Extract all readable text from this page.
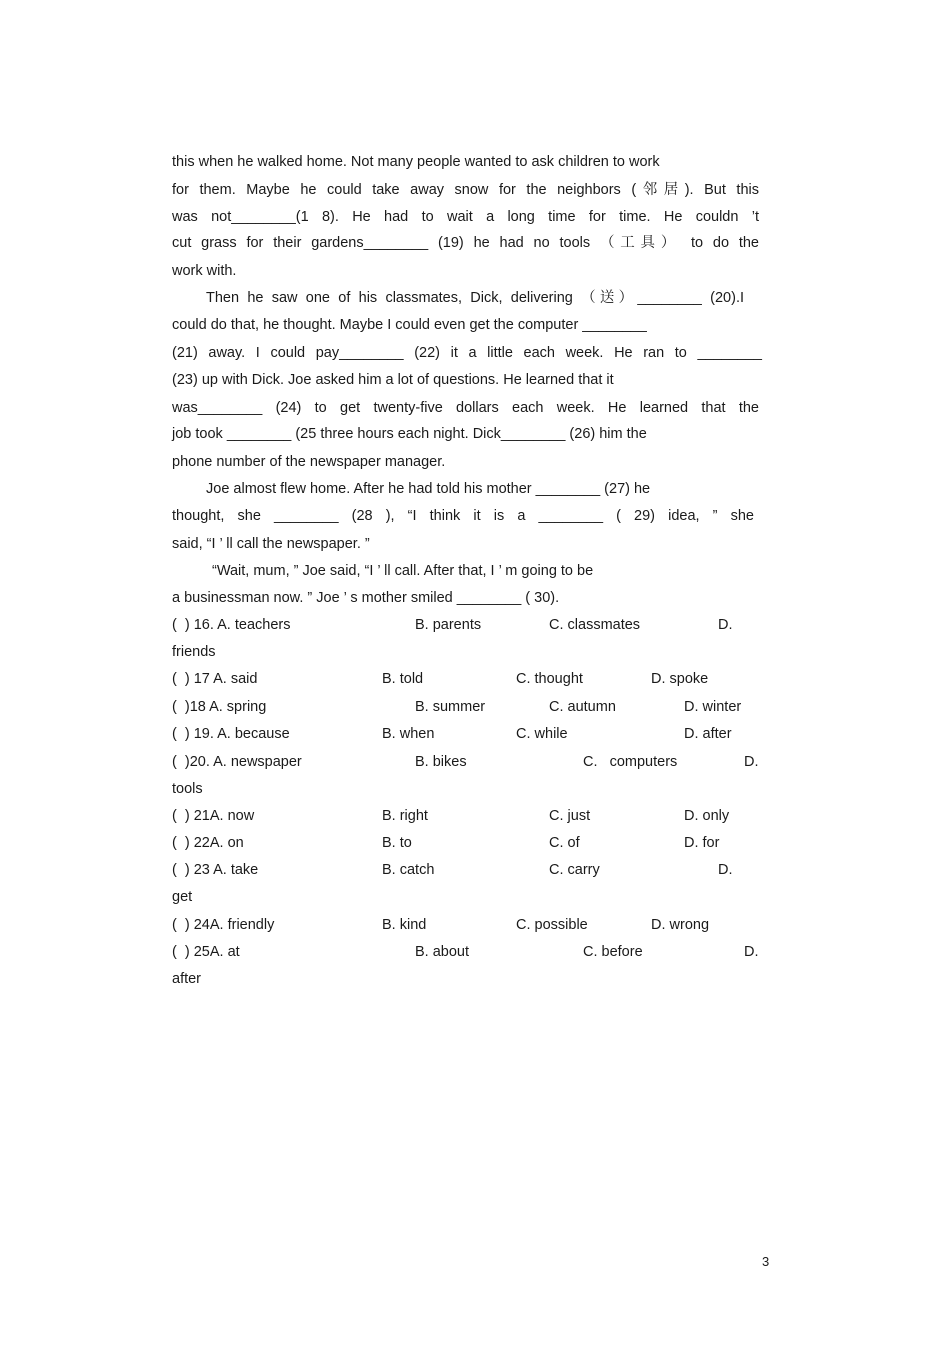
this when he walked home. Not many people wanted to ask children to work
for them. Maybe he could take away snow for the neighbors (邻居). But this
was not________(1 8). He had to wait a long time for time. He couldn ’t
cut grass for their gardens________ (19) he had no tools （工具） to do the
work with.
Then he saw one of his classmates, Dick, delivering （送）________ (20).I
could do that, he thought. Maybe I could even get the computer ________
(21) away. I could pay________ (22) it a little each week. He ran to ________
(23) up with Dick. Joe asked him a lot of questions. He learned that it
was________ (24) to get twenty-five dollars each week. He learned that the
job took ________ (25 three hours each night. Dick________ (26) him the
phone number of the newspaper manager.
Joe almost flew home. After he had told his mother ________ (27) he
thought, she ________ (28 ), “I think it is a ________ ( 29) idea, ” she
said, “I ’ ll call the newspaper. ”
“Wait, mum, ” Joe said, “I ’ ll call. After that, I ’ m going to be
a businessman now. ” Joe ’ s mother smiled ________ ( 30).
(  ) 16. A. teachers	B. parents	C. classmates	D.
friends
(  ) 17 A. said	B. told	C. thought	D. spoke
(  )18 A. spring	B. summer	C. autumn	D. winter
(  ) 19. A. because	B. when	C. while	D. after
(  )20. A. newspaper	B. bikes	C.   computers	D.
tools
(  ) 21A. now	B. right	C. just	D. only
(  ) 22A. on	B. to	C. of	D. for
(  ) 23 A. take	B. catch	C. carry	D.
get
(  ) 24A. friendly	B. kind	C. possible	D. wrong
(  ) 25A. at	B. about	C. before	D.
after
3
